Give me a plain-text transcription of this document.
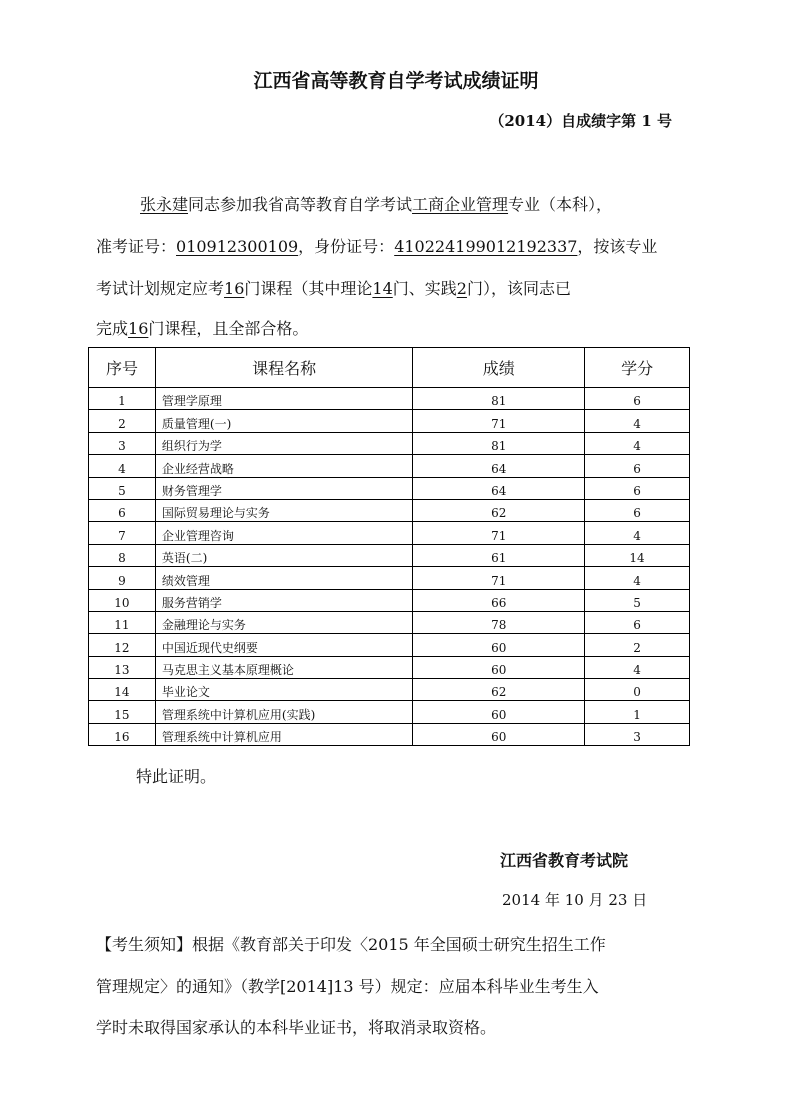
江西省高等教育自学考试成绩证明
（2014）自成绩字第 1 号
张永建同志参加我省高等教育自学考试工商企业管理专业（本科），
准考证号：010912300109，身份证号：410224199012192337，按该专业
考试计划规定应考16门课程（其中理论14门、实践2门），该同志已
完成16门课程，且全部合格。
序号	课程名称	成绩	学分
1	管理学原理	81	6
2	质量管理(一)	71	4
3	组织行为学	81	4
4	企业经营战略	64	6
5	财务管理学	64	6
6	国际贸易理论与实务	62	6
7	企业管理咨询	71	4
8	英语(二)	61	14
9	绩效管理	71	4
10	服务营销学	66	5
11	金融理论与实务	78	6
12	中国近现代史纲要	60	2
13	马克思主义基本原理概论	60	4
14	毕业论文	62	0
15	管理系统中计算机应用(实践)	60	1
16	管理系统中计算机应用	60	3
特此证明。
江西省教育考试院
2014 年 10 月 23 日
【考生须知】根据《教育部关于印发〈2015 年全国硕士研究生招生工作
管理规定〉的通知》（教学[2014]13 号）规定：应届本科毕业生考生入
学时未取得国家承认的本科毕业证书，将取消录取资格。
